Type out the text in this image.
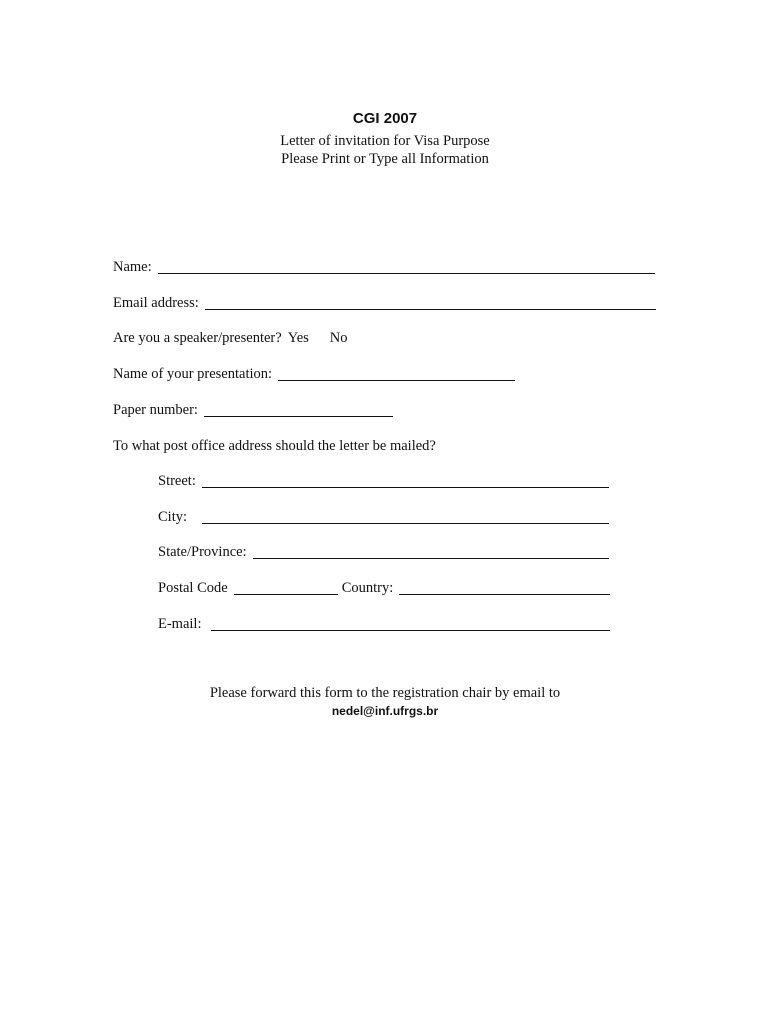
CGI 2007
Letter of invitation for Visa Purpose
Please Print or Type all Information
Name:
Email address:
Are you a speaker/presenter? Yes	No
Name of your presentation:
Paper number:
To what post office address should the letter be mailed?
Street:
City:
State/Province:
Postal Code	Country:
E-mail:
Please forward this form to the registration chair by email to
nedel@inf.ufrgs.br
